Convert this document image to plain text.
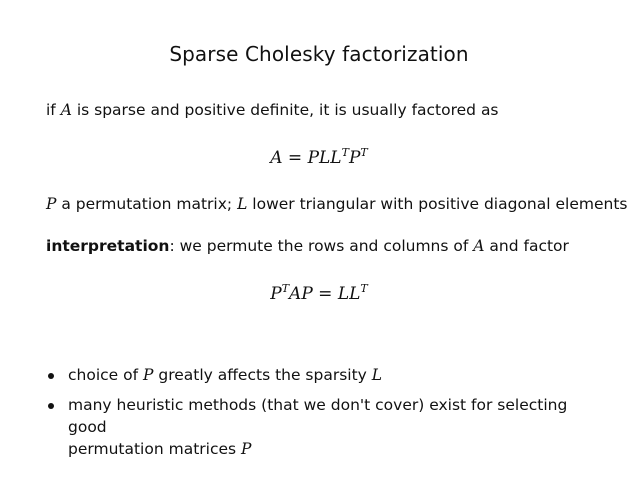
Sparse Cholesky factorization
if A is sparse and positive definite, it is usually factored as
$A = PLL^TP^T$
P a permutation matrix; L lower triangular with positive diagonal elements
interpretation: we permute the rows and columns of A and factor
$P^TAP = LL^T$
choice of P greatly affects the sparsity L
many heuristic methods (that we don't cover) exist for selecting good
permutation matrices P
